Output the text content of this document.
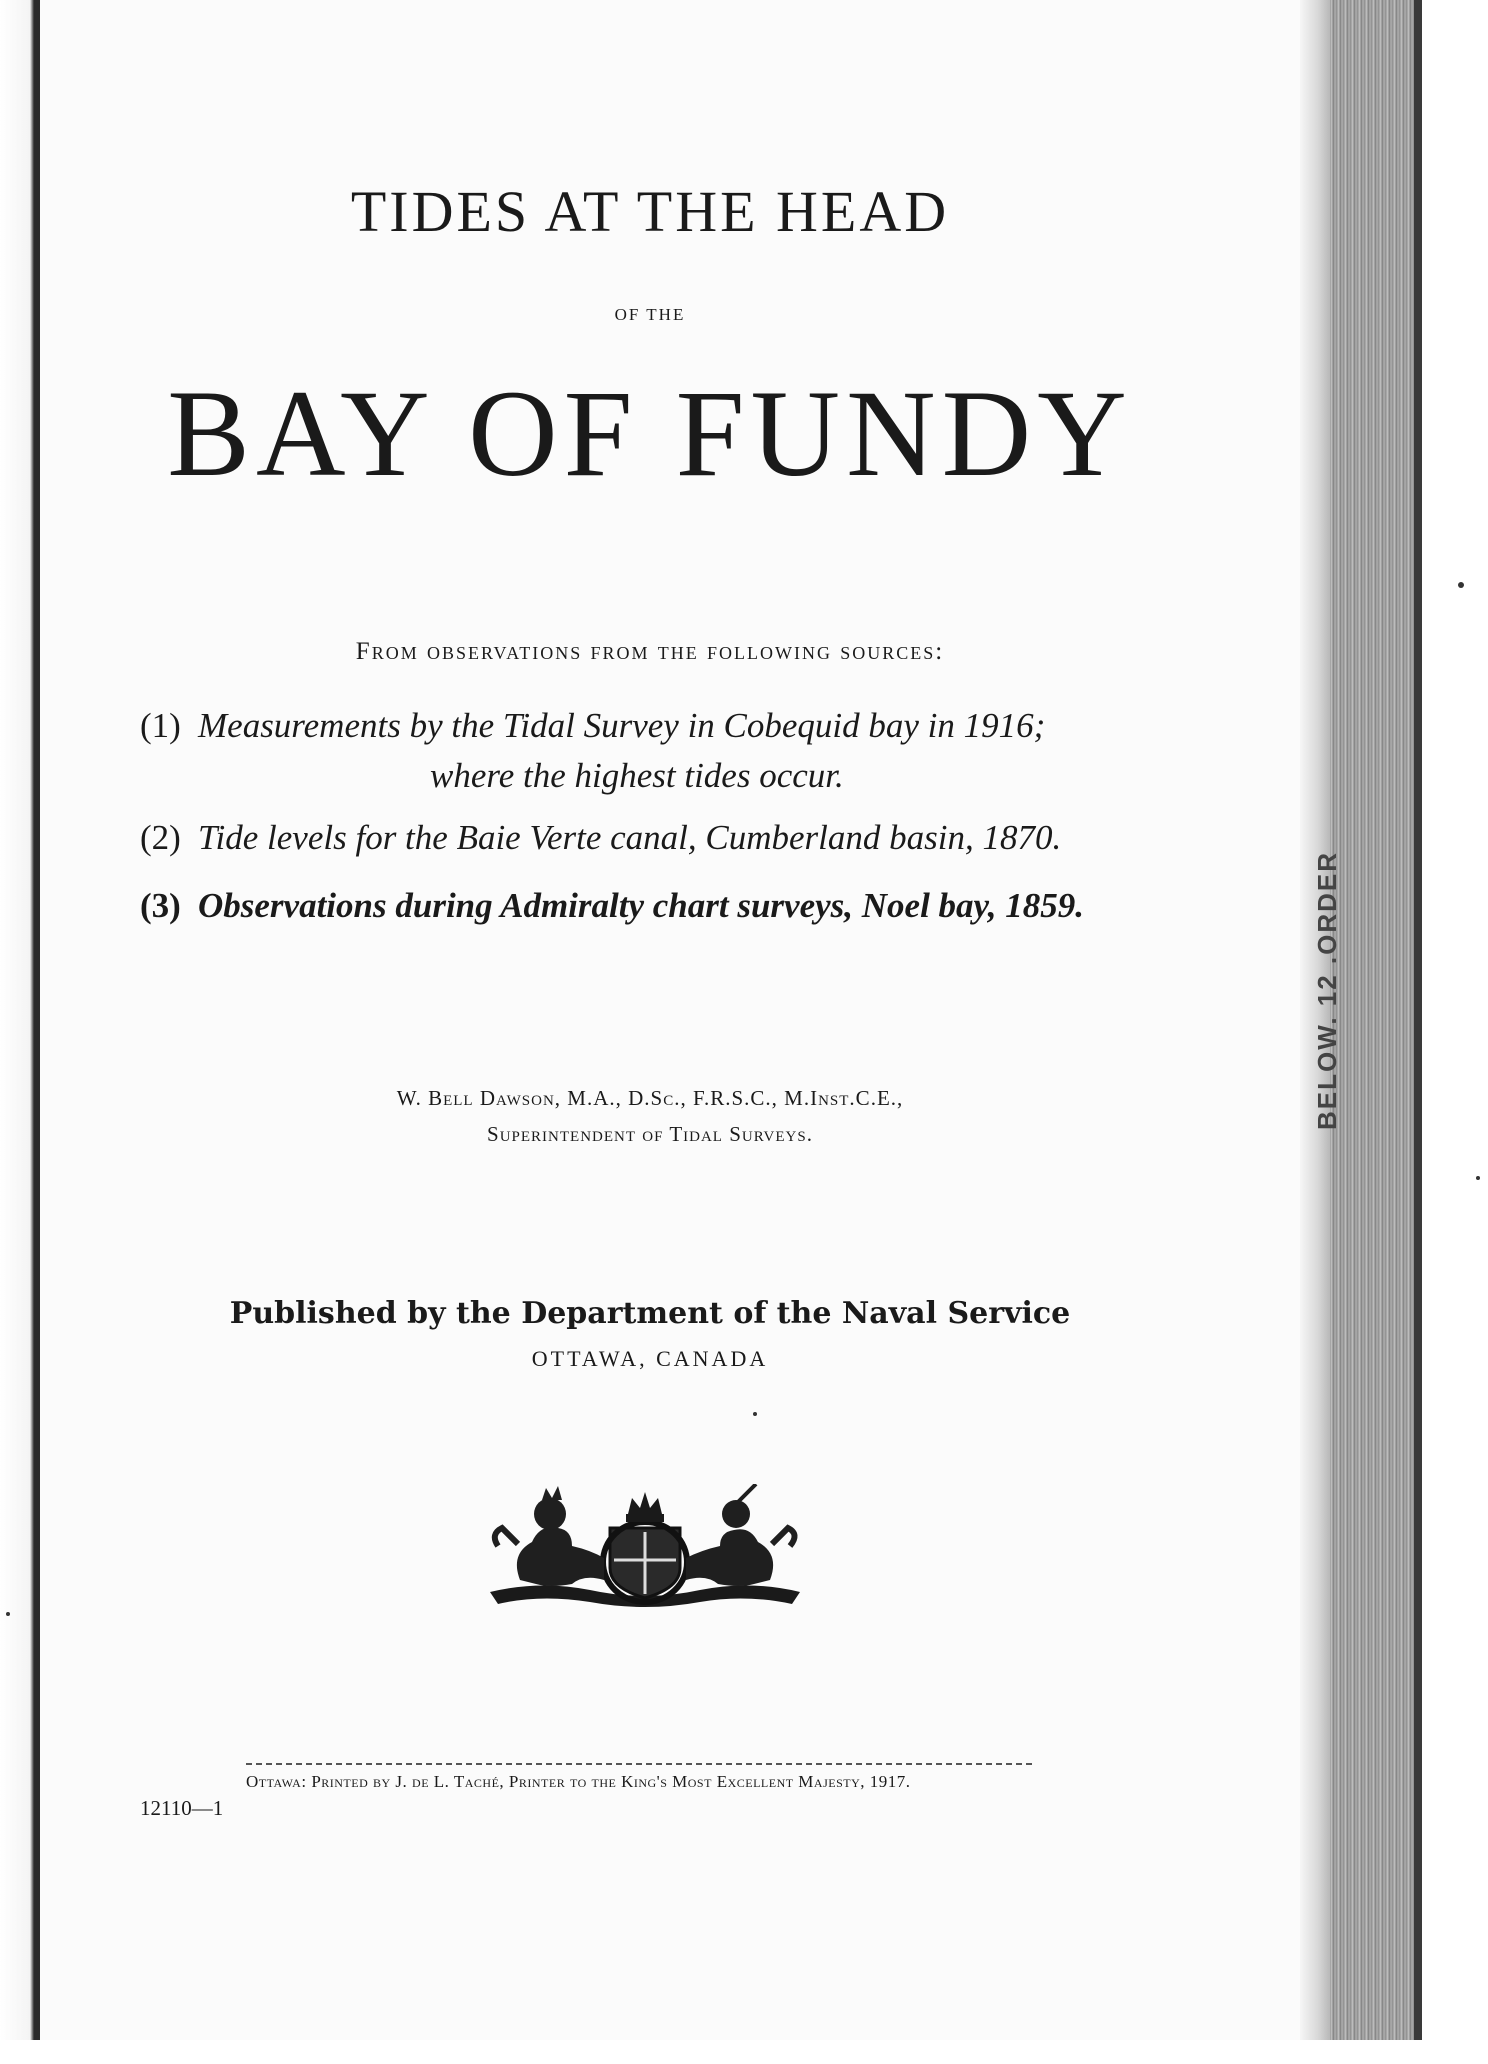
BELOW. 12 .ORDER
TIDES AT THE HEAD
OF THE
BAY OF FUNDY
From observations from the following sources:
(1) Measurements by the Tidal Survey in Cobequid bay in 1916;
where the highest tides occur.
(2) Tide levels for the Baie Verte canal, Cumberland basin, 1870.
(3) Observations during Admiralty chart surveys, Noel bay, 1859.
W. Bell Dawson, M.A., D.Sc., F.R.S.C., M.Inst.C.E.,
Superintendent of Tidal Surveys.
Published by the Department of the Naval Service
OTTAWA, CANADA
Ottawa: Printed by J. de L. Taché, Printer to the King's Most Excellent Majesty, 1917.
12110—1
